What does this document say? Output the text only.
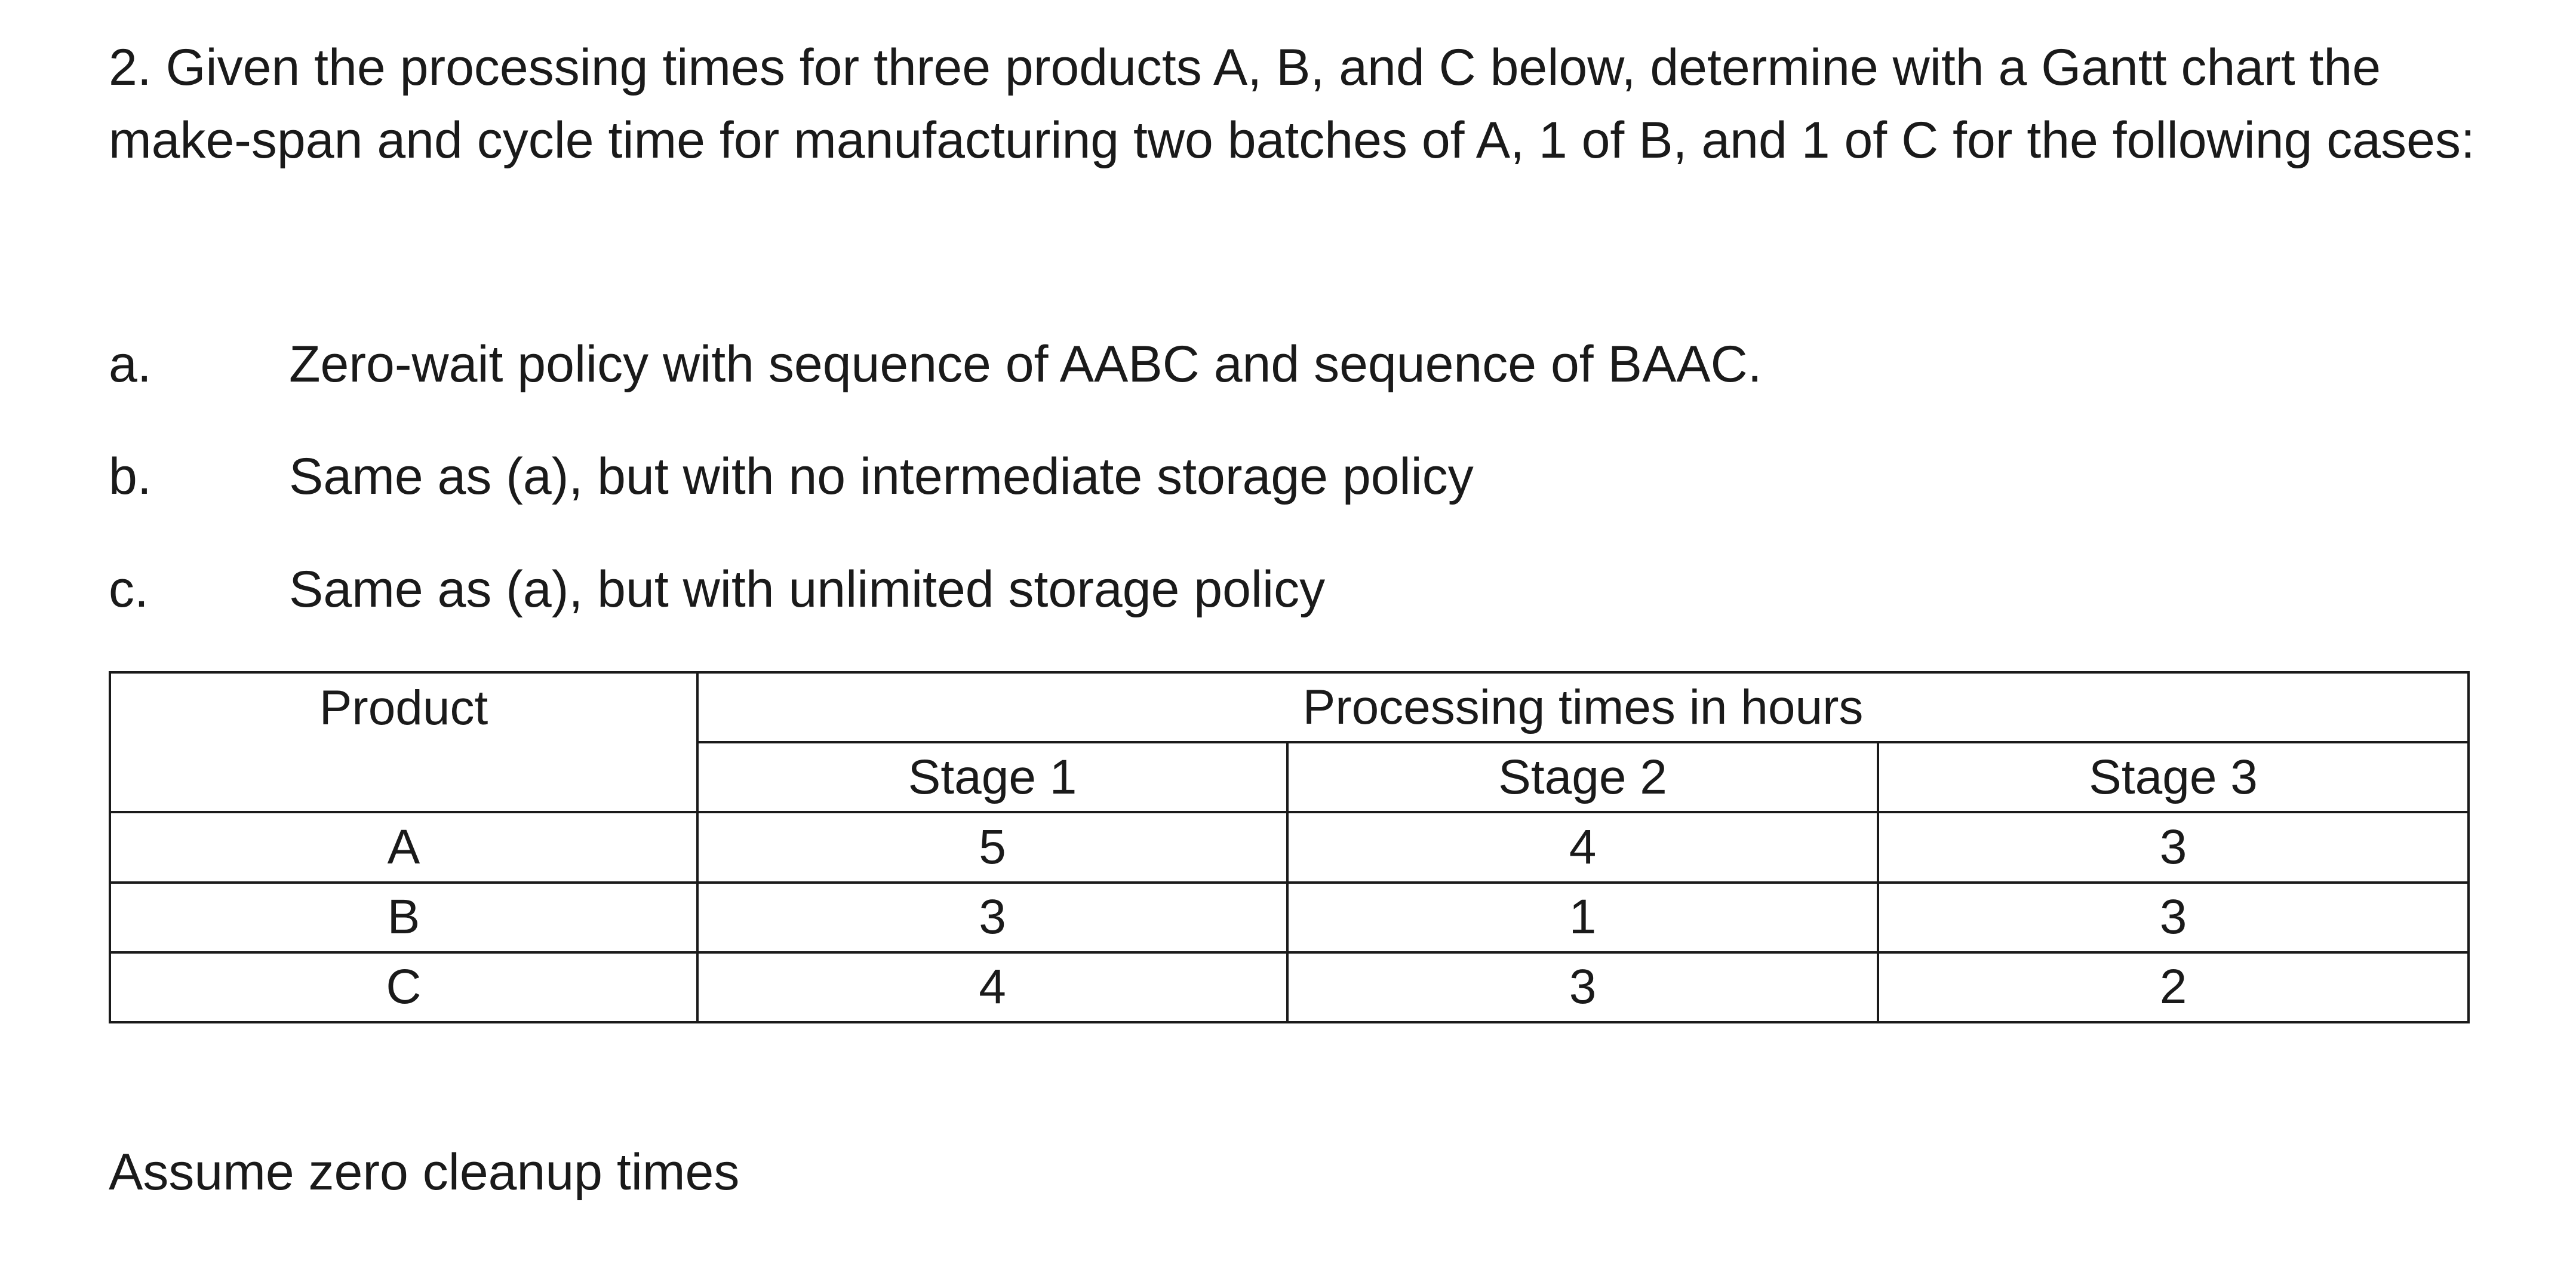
2. Given the processing times for three products A, B, and C below, determine with a Gantt chart the make-span and cycle time for manufacturing two batches of A, 1 of B, and 1 of C for the following cases:

a.	Zero-wait policy with sequence of AABC and sequence of BAAC.
b.	Same as (a), but with no intermediate storage policy
c.	Same as (a), but with unlimited storage policy
Product	Processing times in hours		
	Stage 1	Stage 2	Stage 3
A	5	4	3
B	3	1	3
C	4	3	2
Assume zero cleanup times
